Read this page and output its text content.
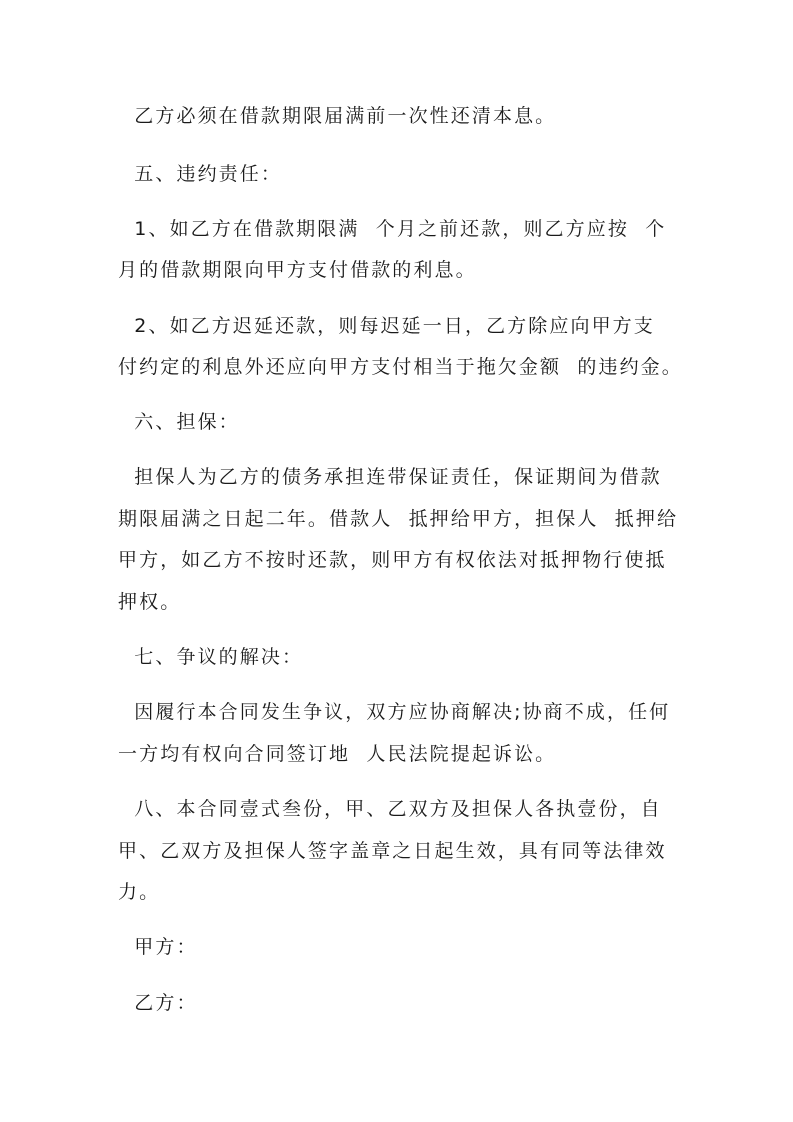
乙方必须在借款期限届满前一次性还清本息。

五、违约责任：

1、如乙方在借款期限满  个月之前还款，则乙方应按  个

月的借款期限向甲方支付借款的利息。

2、如乙方迟延还款，则每迟延一日，乙方除应向甲方支

付约定的利息外还应向甲方支付相当于拖欠金额  的违约金。

六、担保：

担保人为乙方的债务承担连带保证责任，保证期间为借款

期限届满之日起二年。借款人  抵押给甲方，担保人  抵押给

甲方，如乙方不按时还款，则甲方有权依法对抵押物行使抵

押权。

七、争议的解决：

因履行本合同发生争议，双方应协商解决;协商不成，任何

一方均有权向合同签订地  人民法院提起诉讼。

八、本合同壹式叁份，甲、乙双方及担保人各执壹份，自

甲、乙双方及担保人签字盖章之日起生效，具有同等法律效

力。

甲方：

乙方：
